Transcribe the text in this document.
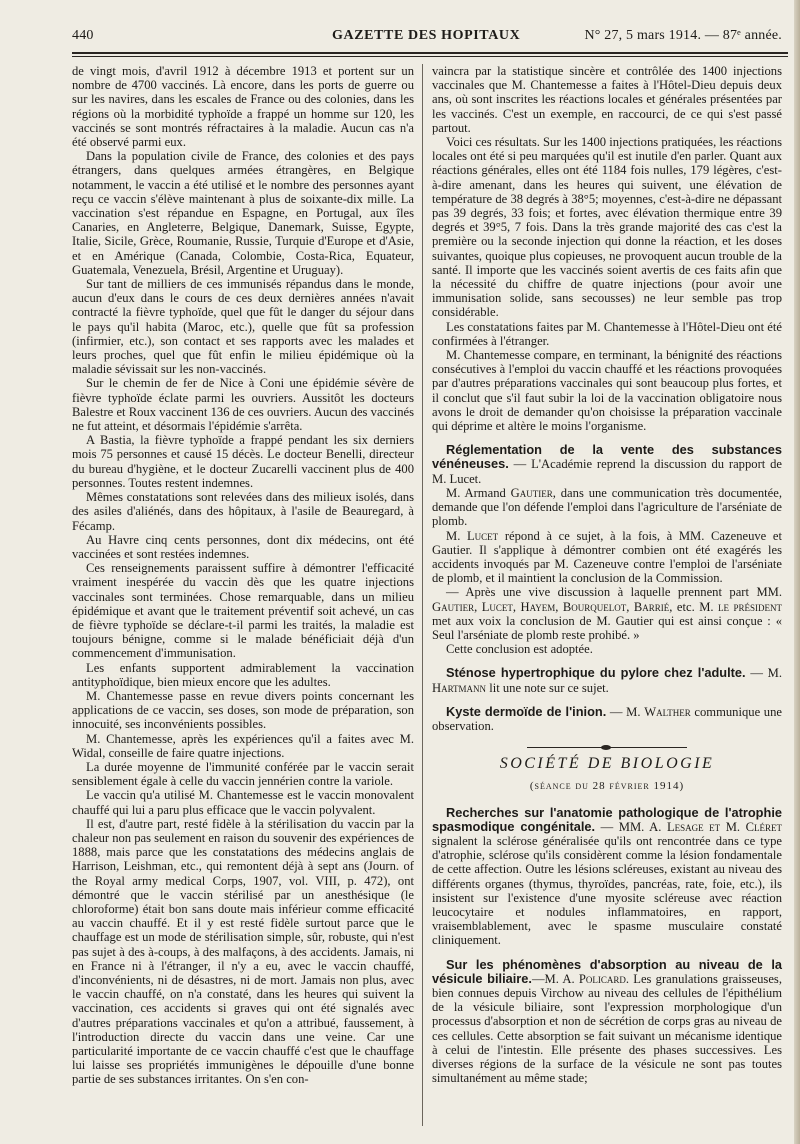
440	GAZETTE DES HOPITAUX	N° 27, 5 mars 1914. — 87ᵉ année.

de vingt mois, d'avril 1912 à décembre 1913 et portent sur un nombre de 4700 vaccinés. Là encore, dans les ports de guerre ou sur les navires, dans les escales de France ou des colonies, dans les régions où la morbidité typhoïde a frappé un homme sur 120, les vaccinés se sont montrés réfractaires à la maladie. Aucun cas n'a été observé parmi eux.

Dans la population civile de France, des colonies et des pays étrangers, dans quelques armées étrangères, en Belgique notamment, le vaccin a été utilisé et le nombre des personnes ayant reçu ce vaccin s'élève maintenant à plus de soixante-dix mille. La vaccination s'est répandue en Espagne, en Portugal, aux îles Canaries, en Angleterre, Belgique, Danemark, Suisse, Egypte, Italie, Sicile, Grèce, Roumanie, Russie, Turquie d'Europe et d'Asie, et en Amérique (Canada, Colombie, Costa-Rica, Equateur, Guatemala, Venezuela, Brésil, Argentine et Uruguay).

Sur tant de milliers de ces immunisés répandus dans le monde, aucun d'eux dans le cours de ces deux dernières années n'avait contracté la fièvre typhoïde, quel que fût le danger du séjour dans le pays qu'il habita (Maroc, etc.), quelle que fût sa profession (infirmier, etc.), son contact et ses rapports avec les malades et leurs proches, quel que fût enfin le milieu épidémique où la maladie sévissait sur les non-vaccinés.

Sur le chemin de fer de Nice à Coni une épidémie sévère de fièvre typhoïde éclate parmi les ouvriers. Aussitôt les docteurs Balestre et Roux vaccinent 136 de ces ouvriers. Aucun des vaccinés ne fut atteint, et désormais l'épidémie s'arrêta.

A Bastia, la fièvre typhoïde a frappé pendant les six derniers mois 75 personnes et causé 15 décès. Le docteur Benelli, directeur du bureau d'hygiène, et le docteur Zucarelli vaccinent plus de 400 personnes. Toutes restent indemnes.

Mêmes constatations sont relevées dans des milieux isolés, dans des asiles d'aliénés, dans des hôpitaux, à l'asile de Beauregard, à Fécamp.

Au Havre cinq cents personnes, dont dix médecins, ont été vaccinées et sont restées indemnes.

Ces renseignements paraissent suffire à démontrer l'efficacité vraiment inespérée du vaccin dès que les quatre injections vaccinales sont terminées. Chose remarquable, dans un milieu épidémique et avant que le traitement préventif soit achevé, un cas de fièvre typhoïde se déclare-t-il parmi les traités, la maladie est toujours bénigne, comme si le malade bénéficiait déjà d'un commencement d'immunisation.

Les enfants supportent admirablement la vaccination antityphoïdique, bien mieux encore que les adultes.

M. Chantemesse passe en revue divers points concernant les applications de ce vaccin, ses doses, son mode de préparation, son innocuité, ses inconvénients possibles.

M. Chantemesse, après les expériences qu'il a faites avec M. Widal, conseille de faire quatre injections.

La durée moyenne de l'immunité conférée par le vaccin serait sensiblement égale à celle du vaccin jennérien contre la variole.

Le vaccin qu'a utilisé M. Chantemesse est le vaccin monovalent chauffé qui lui a paru plus efficace que le vaccin polyvalent.

Il est, d'autre part, resté fidèle à la stérilisation du vaccin par la chaleur non pas seulement en raison du souvenir des expériences de 1888, mais parce que les constatations des médecins anglais de Harrison, Leishman, etc., qui remontent déjà à sept ans (Journ. of the Royal army medical Corps, 1907, vol. VIII, p. 472), ont démontré que le vaccin stérilisé par un anesthésique (le chloroforme) était bon sans doute mais inférieur comme efficacité au vaccin chauffé. Et il y est resté fidèle surtout parce que le chauffage est un mode de stérilisation simple, sûr, robuste, qui n'est pas sujet à des à-coups, à des malfaçons, à des accidents. Jamais, ni en France ni à l'étranger, il n'y a eu, avec le vaccin chauffé, d'inconvénients, ni de désastres, ni de mort. Jamais non plus, avec le vaccin chauffé, on n'a constaté, dans les heures qui suivent la vaccination, ces accidents si graves qui ont été signalés avec d'autres préparations vaccinales et qu'on a attribué, faussement, à l'introduction directe du vaccin dans une veine. Car une particularité importante de ce vaccin chauffé c'est que le chauffage lui laisse ses propriétés immunigènes le dépouille d'une bonne partie de ses substances irritantes. On s'en con-

vaincra par la statistique sincère et contrôlée des 1400 injections vaccinales que M. Chantemesse a faites à l'Hôtel-Dieu depuis deux ans, où sont inscrites les réactions locales et générales présentées par les vaccinés. C'est un exemple, en raccourci, de ce qui s'est passé partout.

Voici ces résultats. Sur les 1400 injections pratiquées, les réactions locales ont été si peu marquées qu'il est inutile d'en parler. Quant aux réactions générales, elles ont été 1184 fois nulles, 179 légères, c'est-à-dire amenant, dans les heures qui suivent, une élévation de température de 38 degrés à 38°5; moyennes, c'est-à-dire ne dépassant pas 39 degrés, 33 fois; et fortes, avec élévation thermique entre 39 degrés et 39°5, 7 fois. Dans la très grande majorité des cas c'est la première ou la seconde injection qui donne la réaction, et les doses suivantes, quoique plus copieuses, ne provoquent aucun trouble de la santé. Il importe que les vaccinés soient avertis de ces faits afin que la nécessité du chiffre de quatre injections (pour avoir une immunisation solide, sans secousses) ne leur semble pas trop considérable.

Les constatations faites par M. Chantemesse à l'Hôtel-Dieu ont été confirmées à l'étranger.

M. Chantemesse compare, en terminant, la bénignité des réactions consécutives à l'emploi du vaccin chauffé et les réactions provoquées par d'autres préparations vaccinales qui sont beaucoup plus fortes, et il conclut que s'il faut subir la loi de la vaccination obligatoire nous avons le droit de demander qu'on choisisse la préparation vaccinale qui déprime et altère le moins l'organisme.

Réglementation de la vente des substances vénéneuses. — L'Académie reprend la discussion du rapport de M. Lucet.

M. Armand Gautier, dans une communication très documentée, demande que l'on défende l'emploi dans l'agriculture de l'arséniate de plomb.

M. Lucet répond à ce sujet, à la fois, à MM. Cazeneuve et Gautier. Il s'applique à démontrer combien ont été exagérés les accidents invoqués par M. Cazeneuve contre l'emploi de l'arséniate de plomb, et il maintient la conclusion de la Commission.

— Après une vive discussion à laquelle prennent part MM. Gautier, Lucet, Hayem, Bourquelot, Barrié, etc. M. le président met aux voix la conclusion de M. Gautier qui est ainsi conçue : « Seul l'arséniate de plomb reste prohibé. »

Cette conclusion est adoptée.

Sténose hypertrophique du pylore chez l'adulte. — M. Hartmann lit une note sur ce sujet.

Kyste dermoïde de l'inion. — M. Walther communique une observation.

SOCIÉTÉ DE BIOLOGIE
(séance du 28 février 1914)

Recherches sur l'anatomie pathologique de l'atrophie spasmodique congénitale. — MM. A. Lesage et M. Cléret signalent la sclérose généralisée qu'ils ont rencontrée dans ce type d'atrophie, sclérose qu'ils considèrent comme la lésion fondamentale de cette affection. Outre les lésions scléreuses, existant au niveau des différents organes (thymus, thyroïdes, pancréas, rate, foie, etc.), ils insistent sur l'existence d'une myosite scléreuse avec réaction leucocytaire et nodules inflammatoires, en rapport, vraisemblablement, avec le spasme musculaire constaté cliniquement.

Sur les phénomènes d'absorption au niveau de la vésicule biliaire.—M. A. Policard. Les granulations graisseuses, bien connues depuis Virchow au niveau des cellules de l'épithélium de la vésicule biliaire, sont l'expression morphologique d'un processus d'absorption et non de sécrétion de corps gras au niveau de ces cellules. Cette absorption se fait suivant un mécanisme identique à celui de l'intestin. Elle présente des phases successives. Les diverses régions de la surface de la vésicule ne sont pas toutes simultanément au même stade;
